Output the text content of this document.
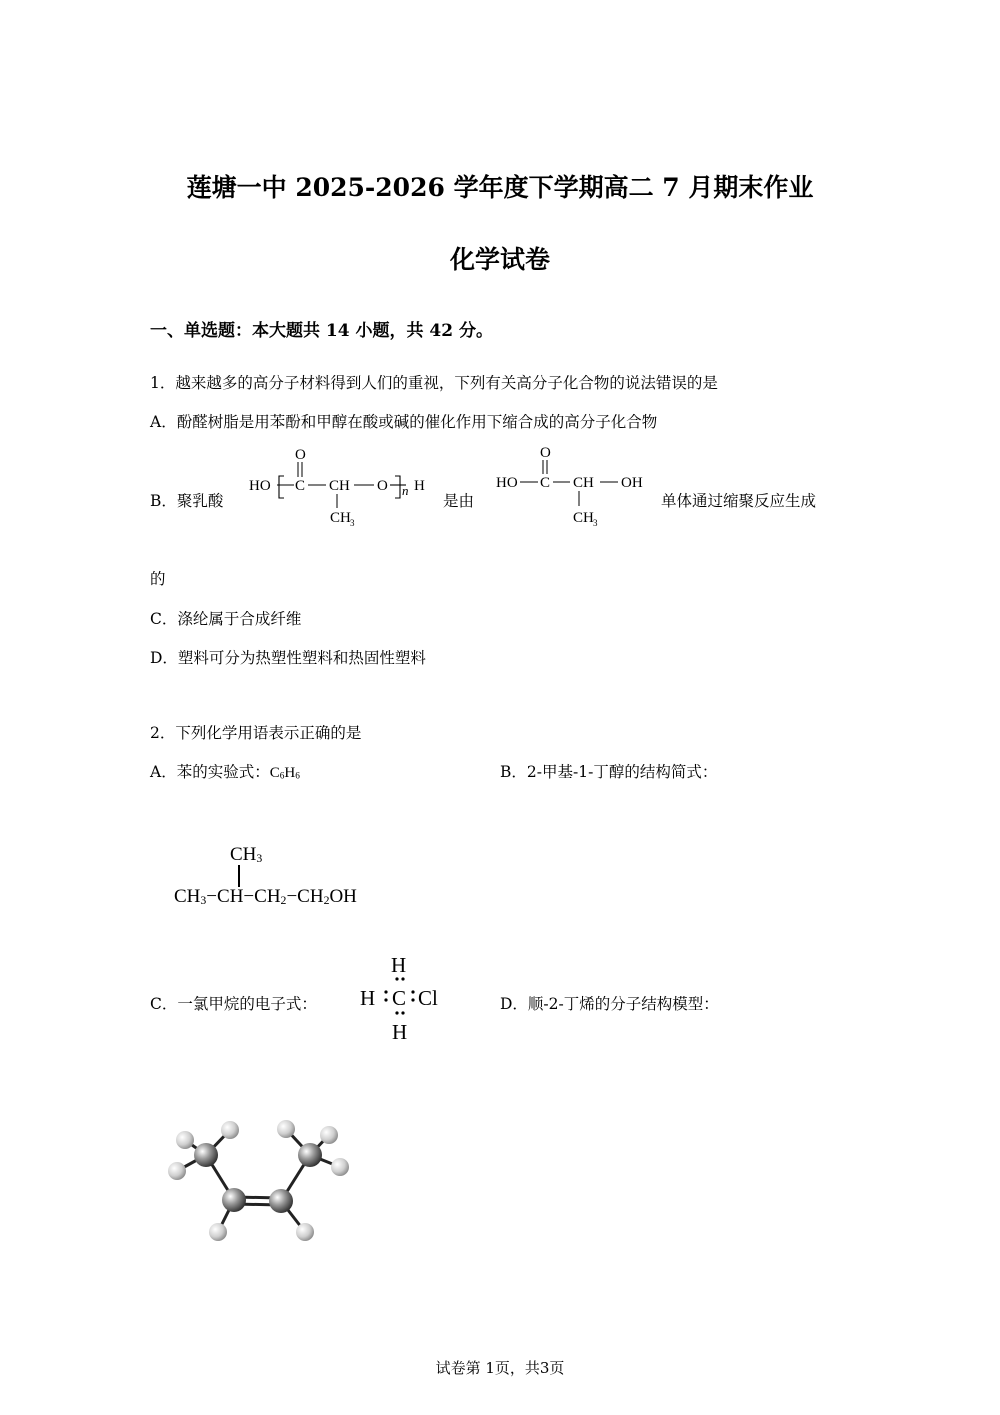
莲塘一中 2025-2026 学年度下学期高二 7 月期末作业
化学试卷
一、单选题：本大题共 14 小题，共 42 分。
1．越来越多的高分子材料得到人们的重视，下列有关高分子化合物的说法错误的是
A．酚醛树脂是用苯酚和甲醇在酸或碱的催化作用下缩合成的高分子化合物
B．聚乳酸
HO C
O
CH
CH 3
O n H
是由
HO C
O
CH
CH 3
OH
单体通过缩聚反应生成
的
C．涤纶属于合成纤维
D．塑料可分为热塑性塑料和热固性塑料
2．下列化学用语表示正确的是
A．苯的实验式：$C_6H_6$	B．2-甲基-1-丁醇的结构简式：
$CH_3$
$CH_3-CH-CH_2-CH_2OH$
C．一氯甲烷的电子式：
H
H C Cl
H
D．顺-2-丁烯的分子结构模型：
试卷第 1页，共3页
